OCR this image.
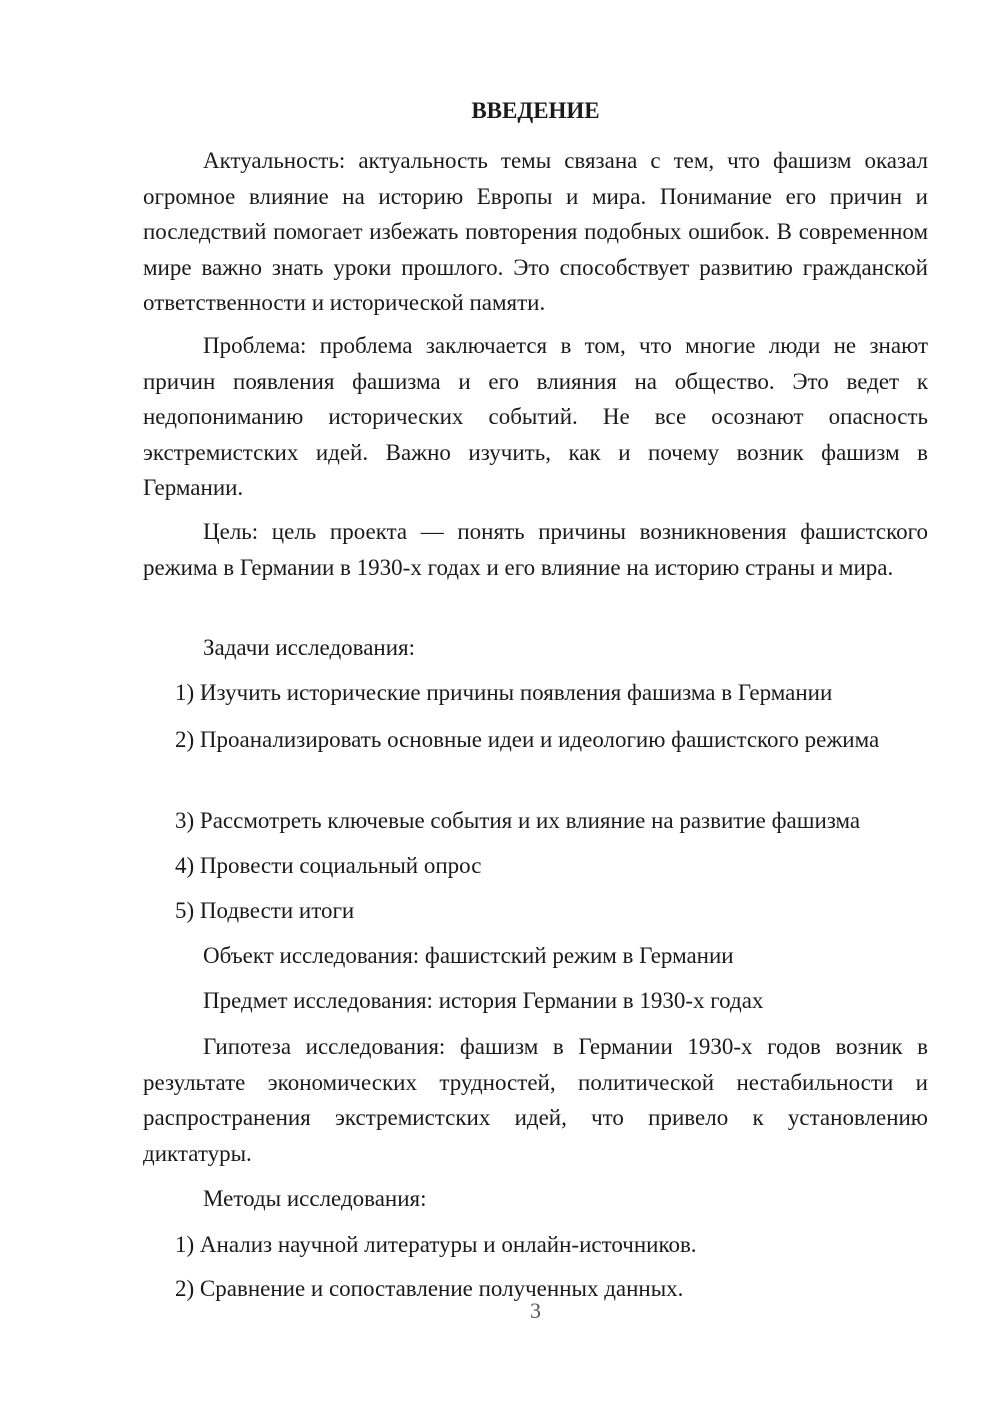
ВВЕДЕНИЕ

Актуальность: актуальность темы связана с тем, что фашизм оказал огромное влияние на историю Европы и мира. Понимание его причин и последствий помогает избежать повторения подобных ошибок. В современном мире важно знать уроки прошлого. Это способствует развитию гражданской ответственности и исторической памяти.

Проблема: проблема заключается в том, что многие люди не знают причин появления фашизма и его влияния на общество. Это ведет к недопониманию исторических событий. Не все осознают опасность экстремистских идей. Важно изучить, как и почему возник фашизм в Германии.

Цель: цель проекта — понять причины возникновения фашистского режима в Германии в 1930-х годах и его влияние на историю страны и мира.

Задачи исследования:

1) Изучить исторические причины появления фашизма в Германии

2) Проанализировать основные идеи и идеологию фашистского режима

3) Рассмотреть ключевые события и их влияние на развитие фашизма

4) Провести социальный опрос

5) Подвести итоги

Объект исследования: фашистский режим в Германии

Предмет исследования: история Германии в 1930-х годах

Гипотеза исследования: фашизм в Германии 1930-х годов возник в результате экономических трудностей, политической нестабильности и распространения экстремистских идей, что привело к установлению диктатуры.

Методы исследования:

1) Анализ научной литературы и онлайн-источников.

2) Сравнение и сопоставление полученных данных.

3
